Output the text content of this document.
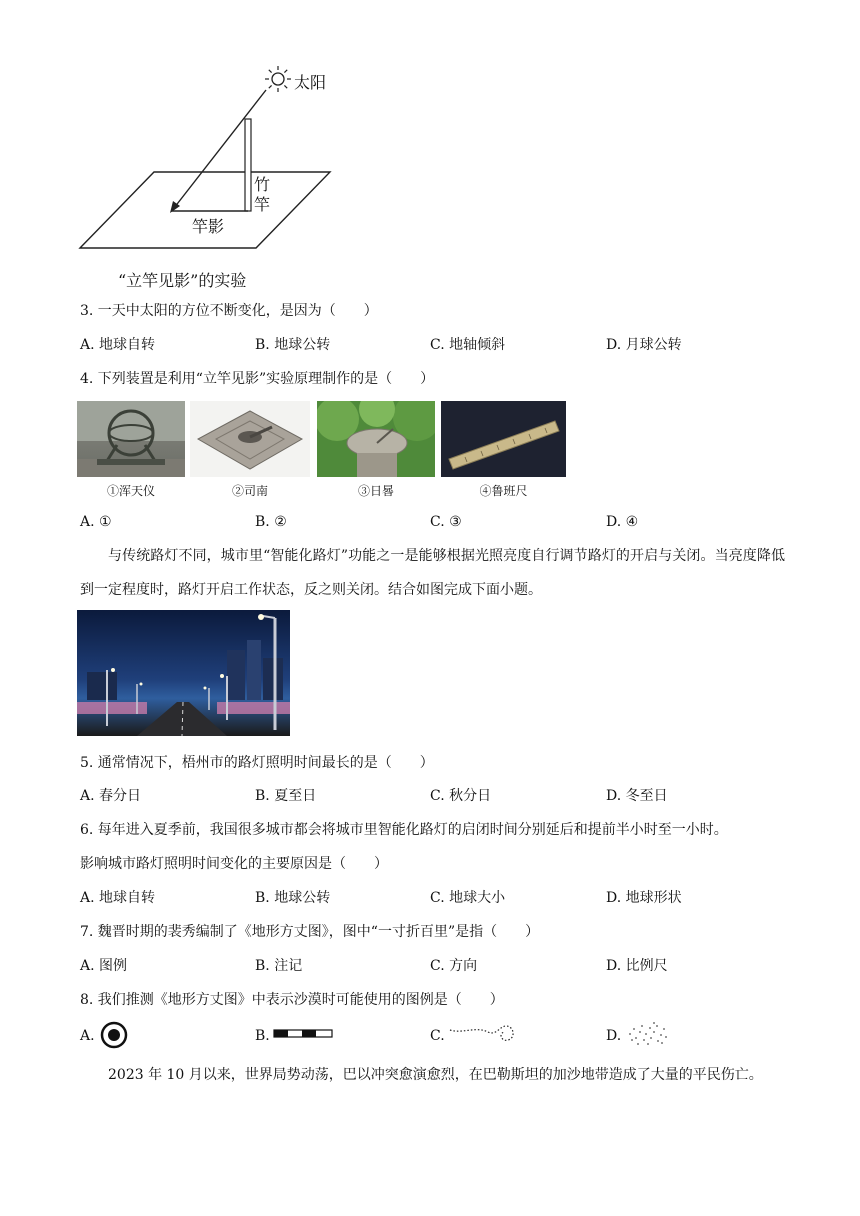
太阳
竹
竿
竿影
“立竿见影”的实验
3. 一天中太阳的方位不断变化，是因为（　　）
A. 地球自转	B. 地球公转	C. 地轴倾斜	D. 月球公转
4. 下列装置是利用“立竿见影”实验原理制作的是（　　）
①浑天仪	②司南	③日晷	④鲁班尺
A. ①	B. ②	C. ③	D. ④
与传统路灯不同，城市里“智能化路灯”功能之一是能够根据光照亮度自行调节路灯的开启与关闭。当亮度降低到一定程度时，路灯开启工作状态，反之则关闭。结合如图完成下面小题。
5. 通常情况下，梧州市的路灯照明时间最长的是（　　）
A. 春分日	B. 夏至日	C. 秋分日	D. 冬至日
6. 每年进入夏季前，我国很多城市都会将城市里智能化路灯的启闭时间分别延后和提前半小时至一小时。
影响城市路灯照明时间变化的主要原因是（　　）
A. 地球自转	B. 地球公转	C. 地球大小	D. 地球形状
7. 魏晋时期的裴秀编制了《地形方丈图》，图中“一寸折百里”是指（　　）
A. 图例	B. 注记	C. 方向	D. 比例尺
8. 我们推测《地形方丈图》中表示沙漠时可能使用的图例是（　　）
A.	B.	C.	D.
2023 年 10 月以来，世界局势动荡，巴以冲突愈演愈烈，在巴勒斯坦的加沙地带造成了大量的平民伤亡。
